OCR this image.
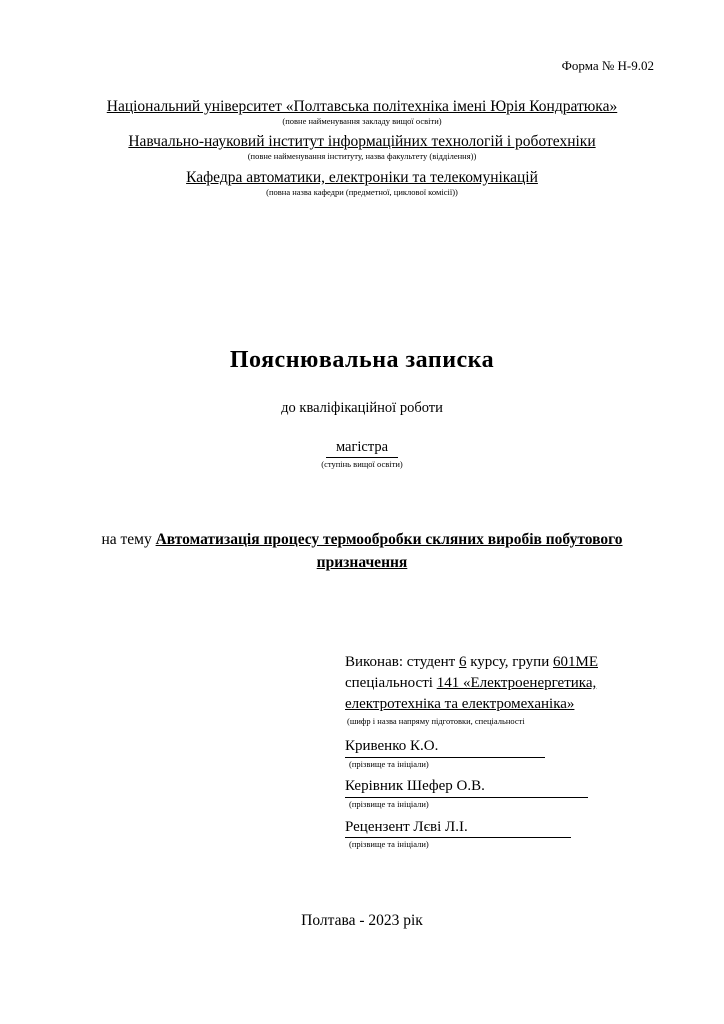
Форма № Н-9.02
Національний університет «Полтавська політехніка імені Юрія Кондратюка»
(повне найменування закладу вищої освіти)
Навчально-науковий інститут інформаційних технологій і роботехніки
(повне найменування інституту, назва факультету (відділення))
Кафедра автоматики, електроніки та телекомунікацій
(повна назва кафедри (предметної, циклової комісії))
Пояснювальна записка
до кваліфікаційної роботи
магістра
(ступінь вищої освіти)
на тему Автоматизація процесу термообробки скляних виробів побутового призначення
Виконав: студент 6 курсу, групи 601МЕ
спеціальності 141 «Електроенергетика,
електротехніка та електромеханіка»
(шифр і назва напряму підготовки, спеціальності
Кривенко К.О.
(прізвище та ініціали)
Керівник Шефер О.В.
(прізвище та ініціали)
Рецензент Лєві Л.І.
(прізвище та ініціали)
Полтава - 2023 рік
